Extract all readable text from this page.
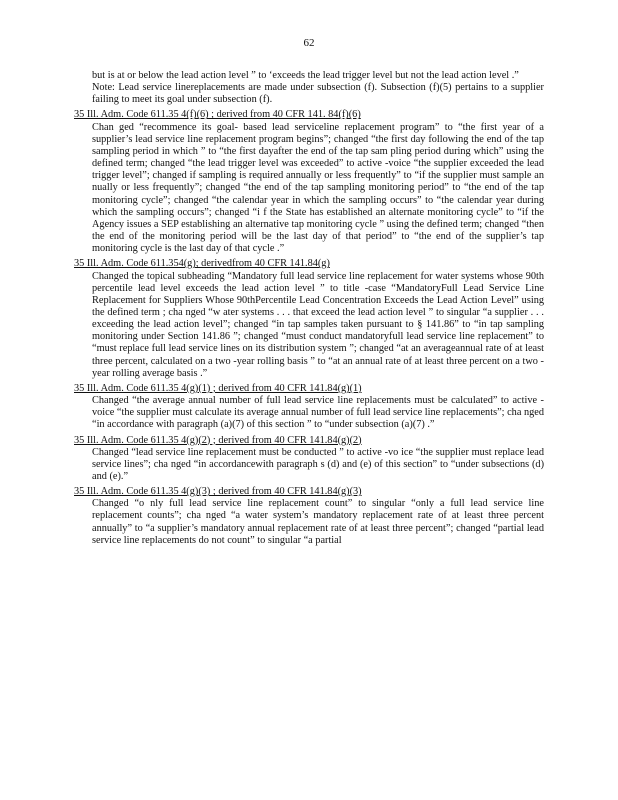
62

but is at or below the lead action level ” to ‘exceeds the lead trigger level but not the lead action level .”

Note: Lead service linereplacements are made under subsection (f). Subsection (f)(5) pertains to a supplier failing to meet its goal under subsection (f).

35 Ill. Adm. Code 611.35 4(f)(6) ; derived from 40 CFR 141. 84(f)(6)

Chan ged “recommence its goal- based lead serviceline replacement program” to “the first year of a supplier’s lead service line replacement program begins”; changed “the first day following the end of the tap sampling period in which ” to “the first dayafter the end of the tap sam pling period during which” using the defined term; changed “the lead trigger level was exceeded” to active -voice “the supplier exceeded the lead trigger level”; changed if sampling is required annually or less frequently” to “if the supplier must sample an nually or less frequently”; changed “the end of the tap sampling monitoring period” to “the end of the tap monitoring cycle”; changed “the calendar year in which the sampling occurs” to “the calendar year during which the sampling occurs”; changed “i f the State has established an alternate monitoring cycle” to “if the Agency issues a SEP establishing an alternative tap monitoring cycle ” using the defined term; changed “then the end of the monitoring period will be the last day of that period” to “the end of the supplier’s tap monitoring cycle is the last day of that cycle .”

35 Ill. Adm. Code 611.354(g); derivedfrom 40 CFR 141.84(g)

Changed the topical subheading “Mandatory full lead service line replacement for water systems whose 90th percentile lead level exceeds the lead action level ” to title -case “MandatoryFull Lead Service Line Replacement for Suppliers Whose 90thPercentile Lead Concentration Exceeds the Lead Action Level” using the defined term ; cha nged “w ater systems . . . that exceed the lead action level ” to singular “a supplier . . . exceeding the lead action level”; changed “in tap samples taken pursuant to § 141.86” to “in tap sampling monitoring under Section 141.86 ”; changed “must conduct mandatoryfull lead service line replacement” to “must replace full lead service lines on its distribution system ”; changed “at an averageannual rate of at least three percent, calculated on a two -year rolling basis ” to “at an annual rate of at least three percent on a two - year rolling average basis .”

35 Ill. Adm. Code 611.35 4(g)(1) ; derived from 40 CFR 141.84(g)(1)

Changed “the average annual number of full lead service line replacements must be calculated” to active -voice “the supplier must calculate its average annual number of full lead service line replacements”; cha nged “in accordance with paragraph (a)(7) of this section ” to “under subsection (a)(7) .”

35 Ill. Adm. Code 611.35 4(g)(2) ; derived from 40 CFR 141.84(g)(2)

Changed “lead service line replacement must be conducted ” to active -vo ice “the supplier must replace lead service lines”; cha nged “in accordancewith paragraph s (d) and (e) of this section” to “under subsections (d) and (e).”

35 Ill. Adm. Code 611.35 4(g)(3) ; derived from 40 CFR 141.84(g)(3)

Changed “o nly full lead service line replacement count” to singular “only a full lead service line replacement counts”; cha nged “a water system’s mandatory replacement rate of at least three percent annually” to “a supplier’s mandatory annual replacement rate of at least three percent”; changed “partial lead service line replacements do not count” to singular “a partial
